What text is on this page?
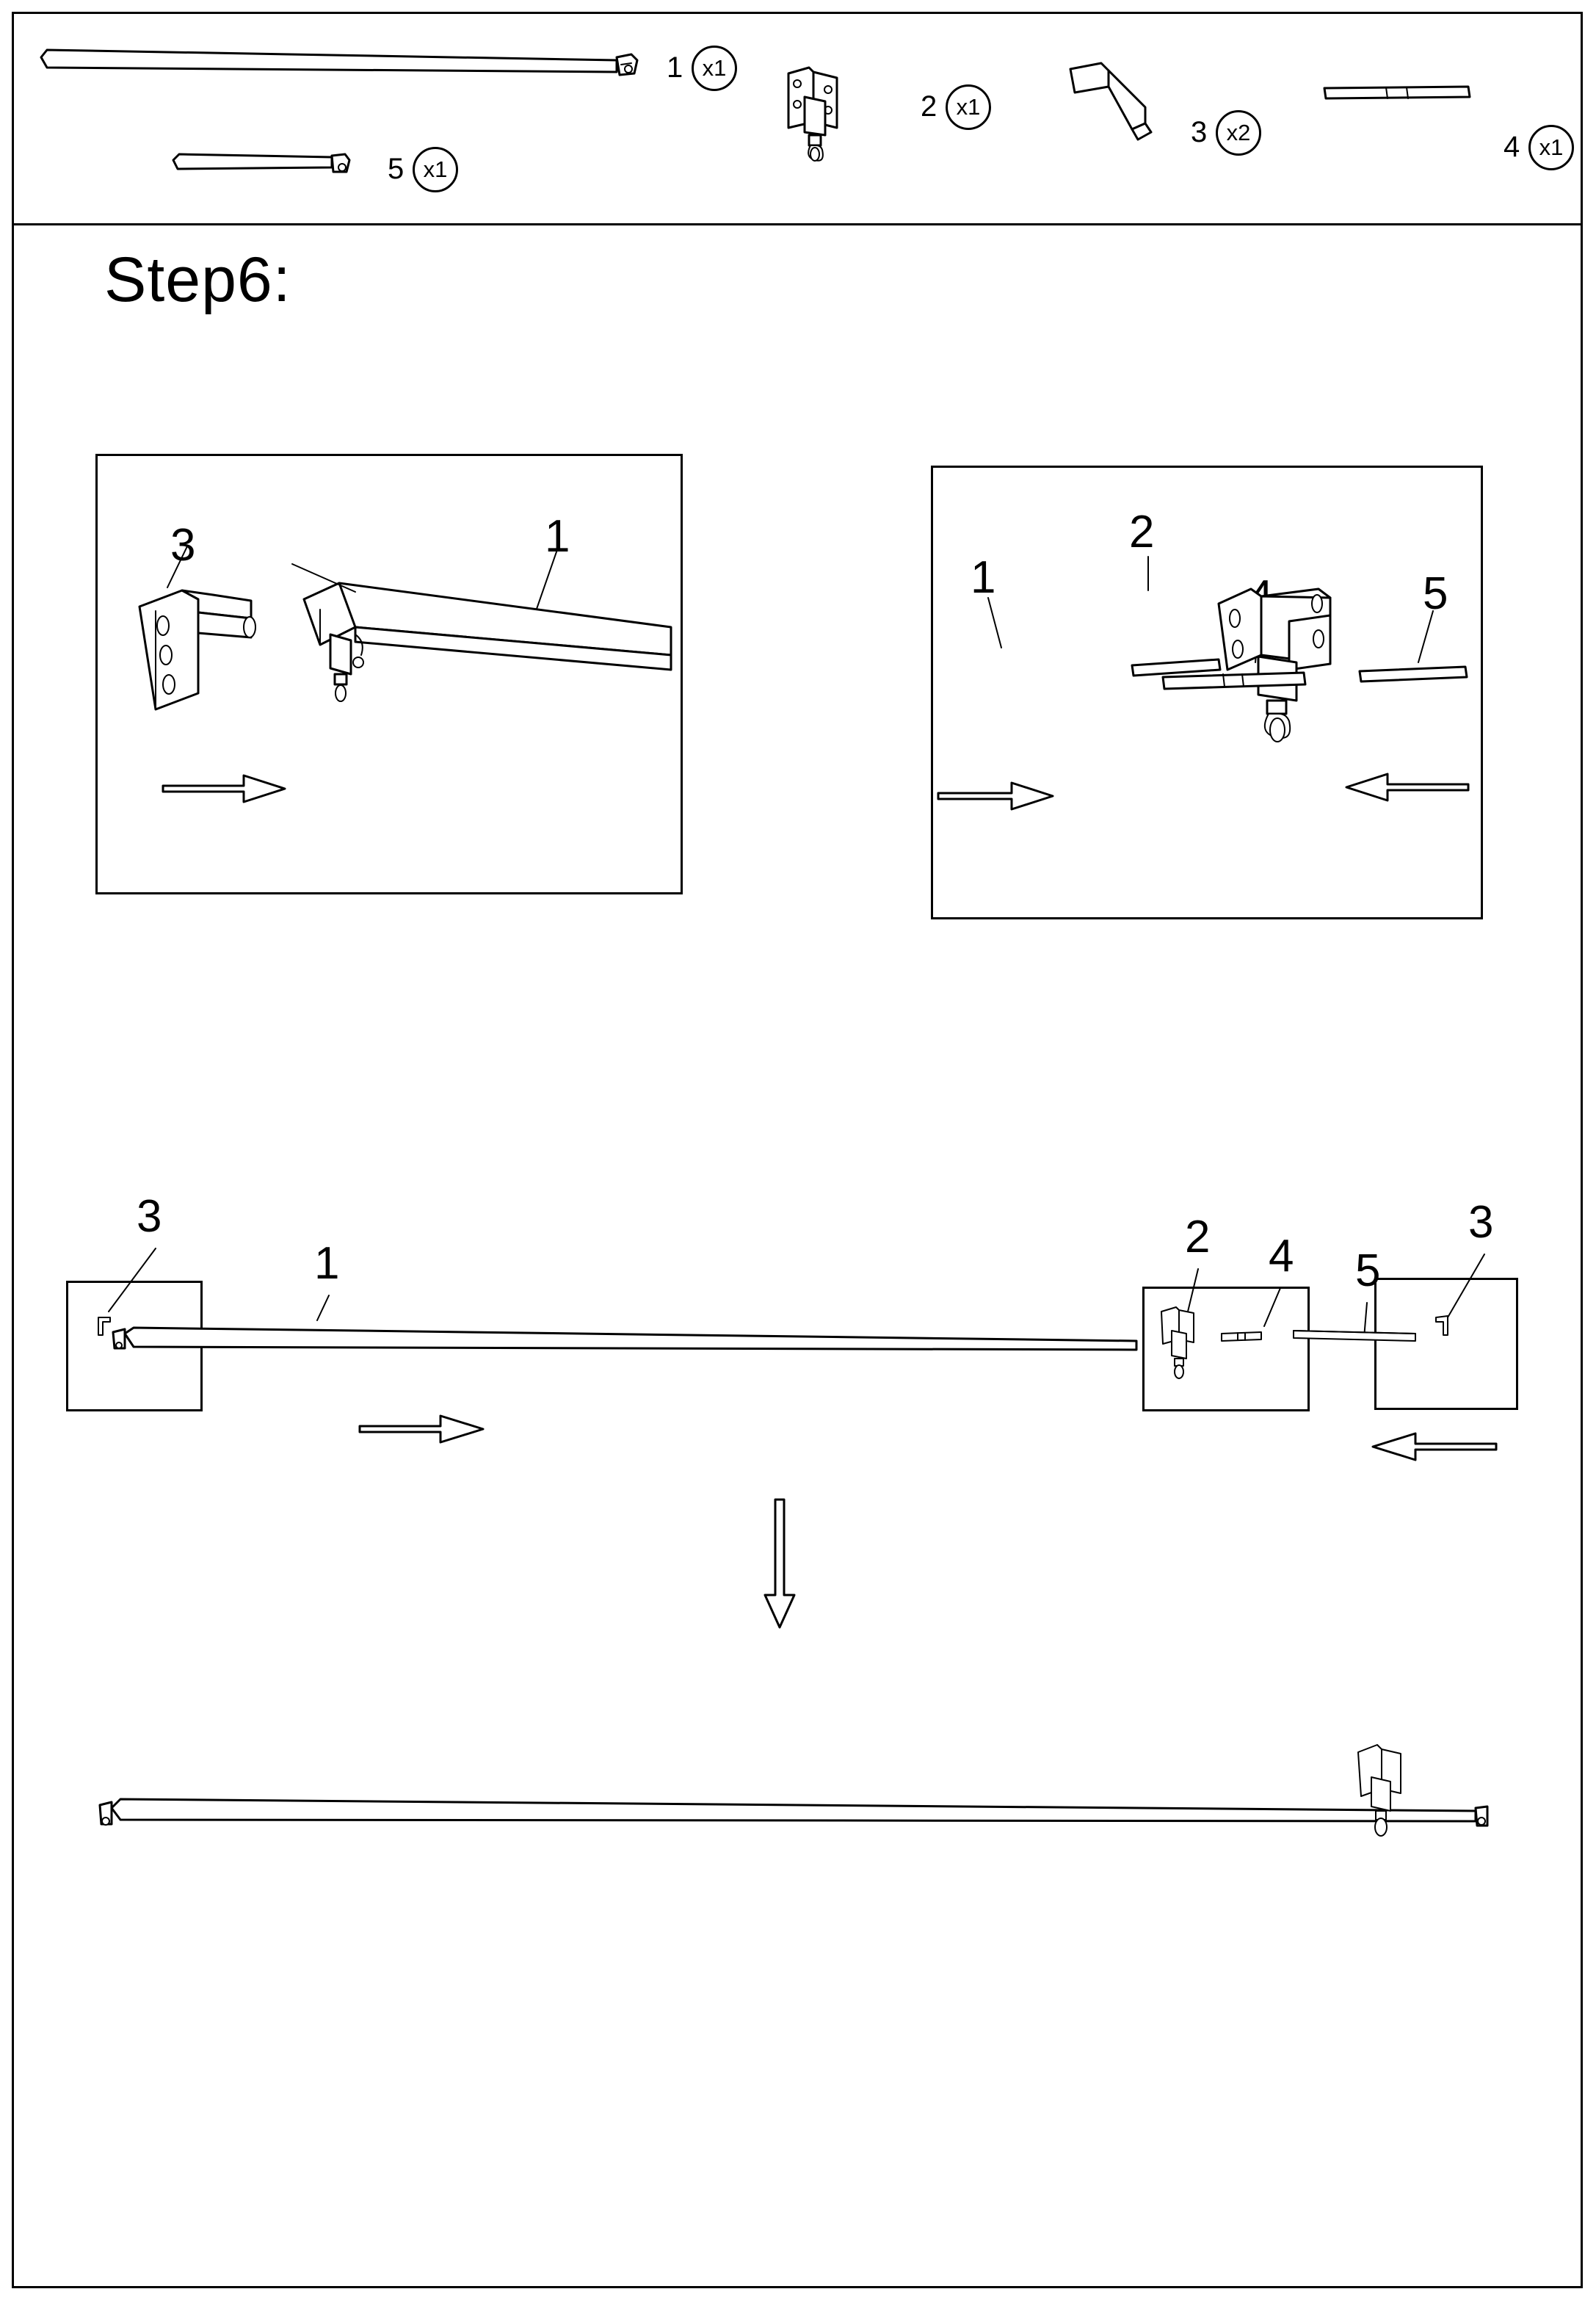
1 x1
2 x1
3 x2	4 x1
5 x1
Step6:
3	1
1
2
5
3
1
2 4 5
3
